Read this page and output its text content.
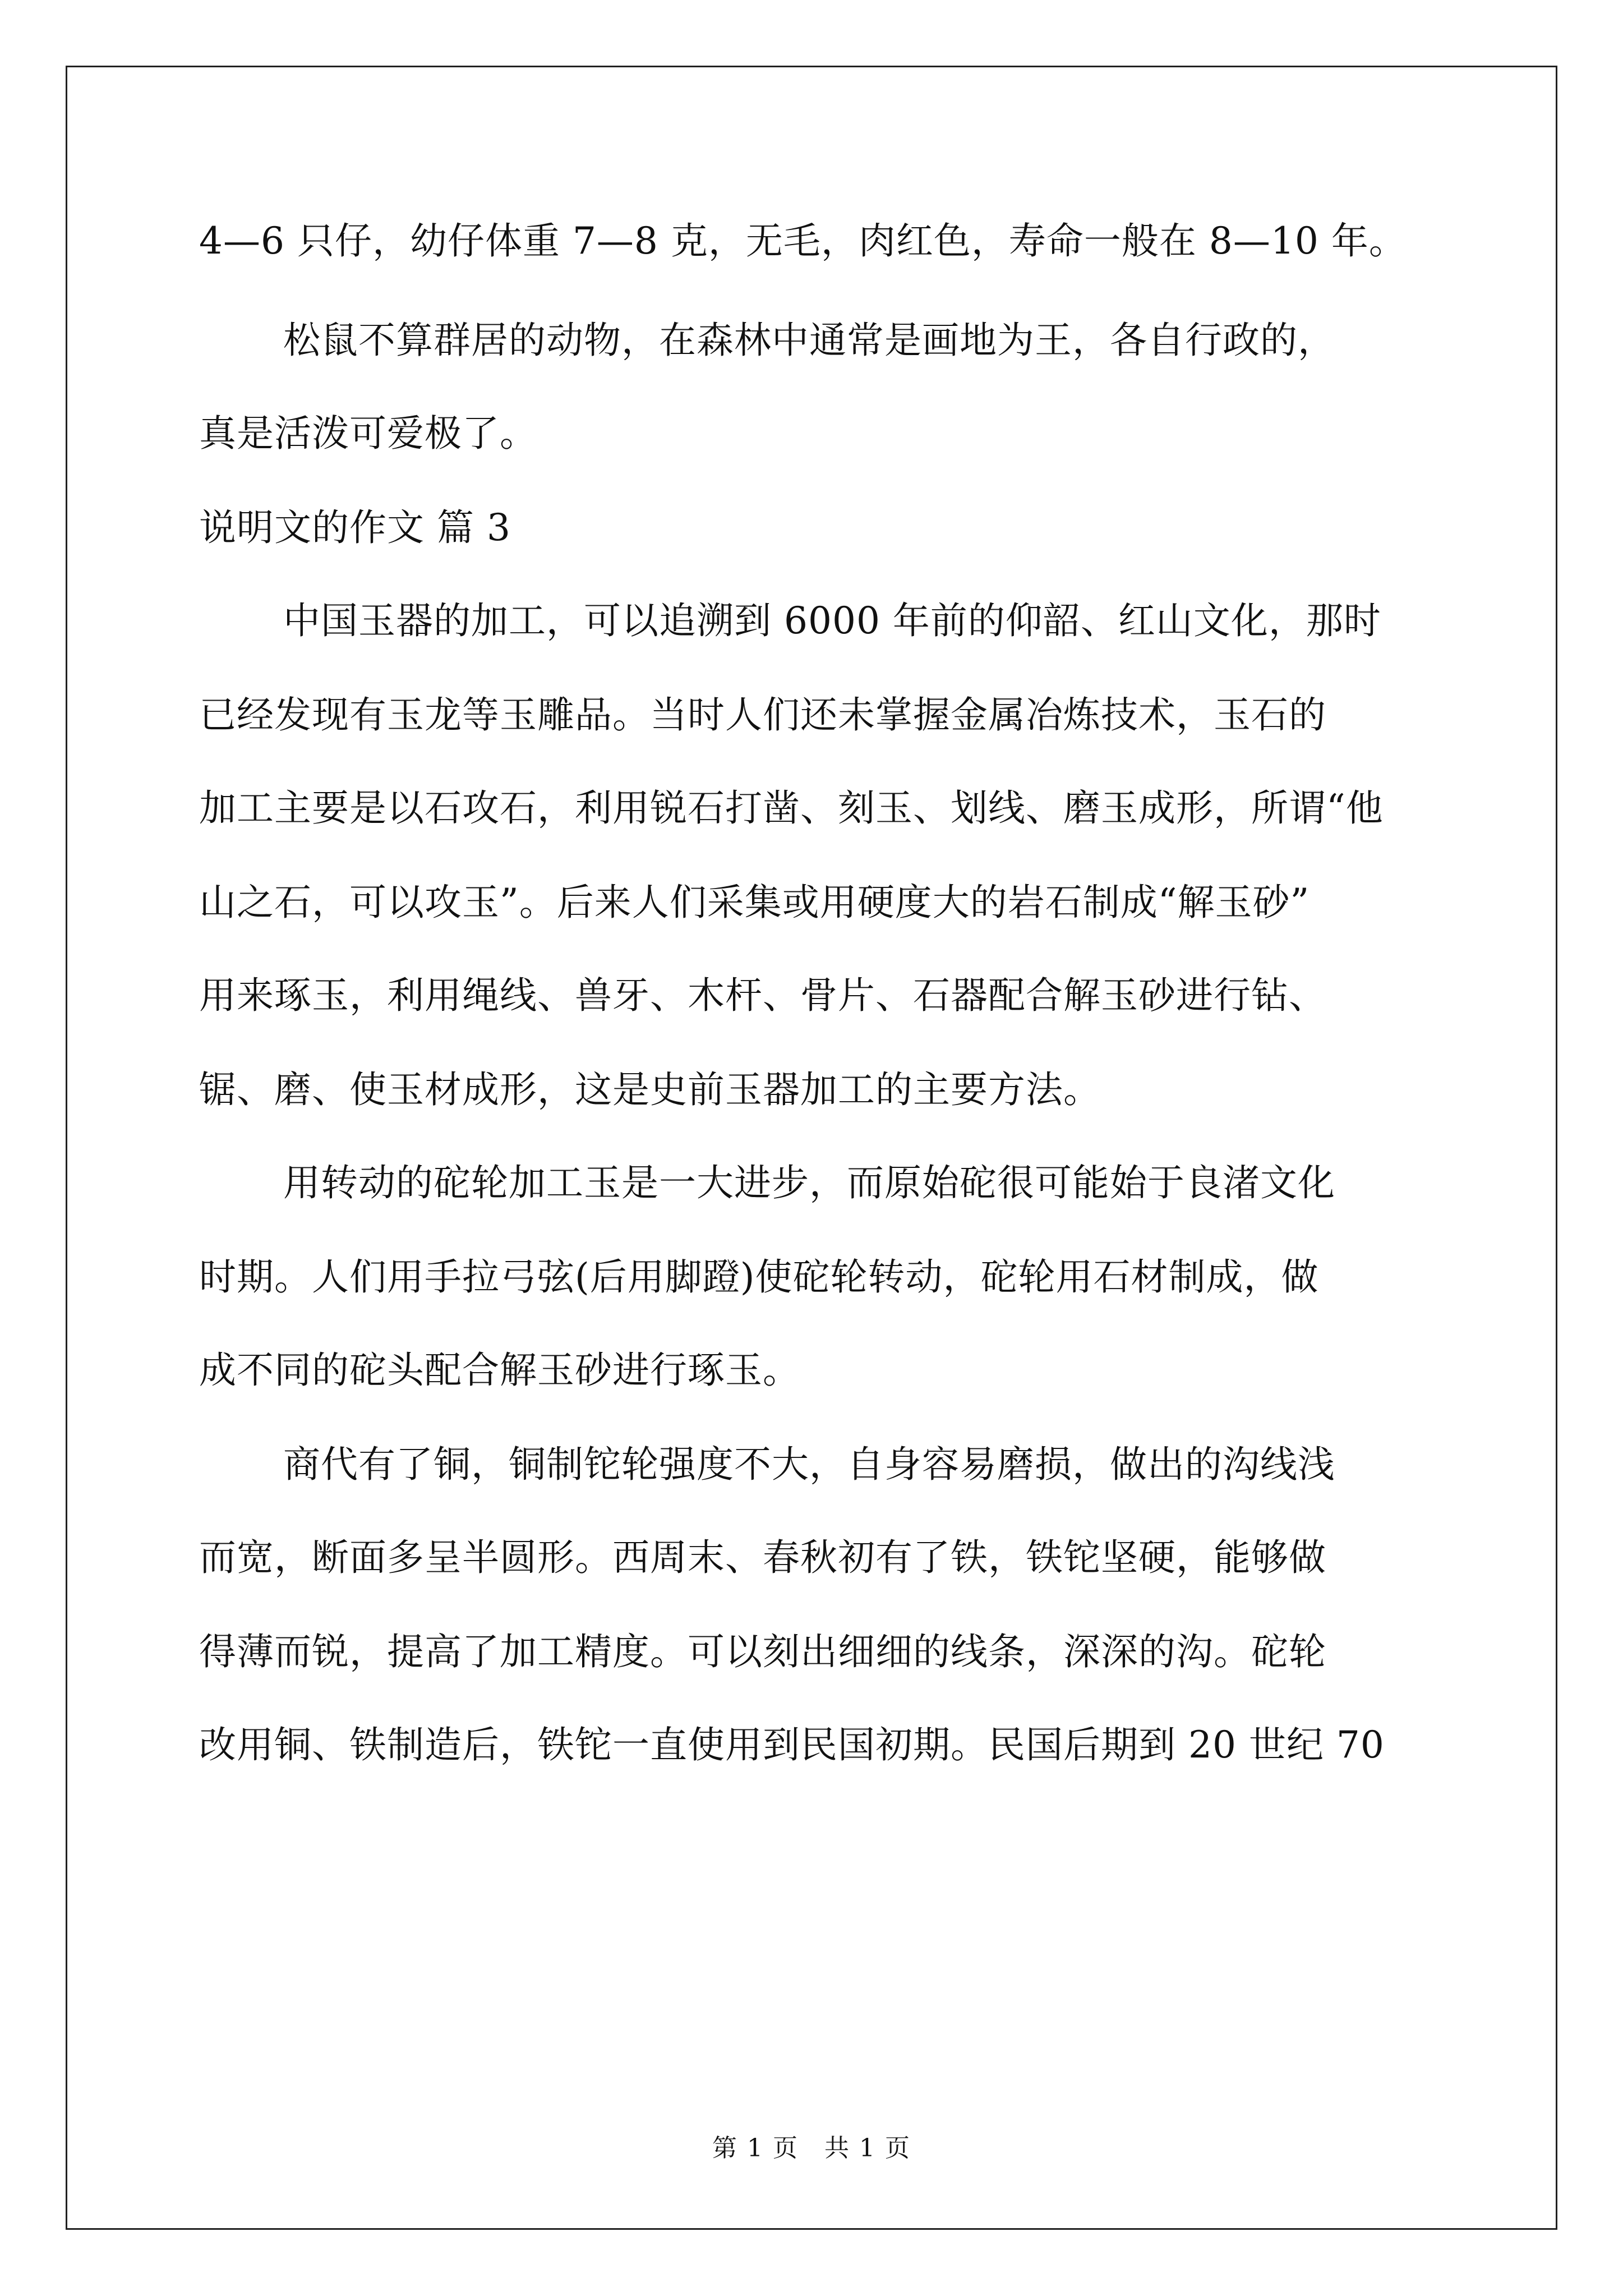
4—6 只仔，幼仔体重 7—8 克，无毛，肉红色，寿命一般在 8—10 年。
松鼠不算群居的动物，在森林中通常是画地为王，各自行政的，
真是活泼可爱极了。
说明文的作文 篇 3
中国玉器的加工，可以追溯到 6000 年前的仰韶、红山文化，那时
已经发现有玉龙等玉雕品。当时人们还未掌握金属冶炼技术，玉石的
加工主要是以石攻石，利用锐石打凿、刻玉、划线、磨玉成形，所谓“他
山之石，可以攻玉”。后来人们采集或用硬度大的岩石制成“解玉砂”
用来琢玉，利用绳线、兽牙、木杆、骨片、石器配合解玉砂进行钻、
锯、磨、使玉材成形，这是史前玉器加工的主要方法。
用转动的砣轮加工玉是一大进步，而原始砣很可能始于良渚文化
时期。人们用手拉弓弦(后用脚蹬)使砣轮转动，砣轮用石材制成，做
成不同的砣头配合解玉砂进行琢玉。
商代有了铜，铜制铊轮强度不大，自身容易磨损，做出的沟线浅
而宽，断面多呈半圆形。西周末、春秋初有了铁，铁铊坚硬，能够做
得薄而锐，提高了加工精度。可以刻出细细的线条，深深的沟。砣轮
改用铜、铁制造后，铁铊一直使用到民国初期。民国后期到 20 世纪 70
第 1 页　共 1 页
